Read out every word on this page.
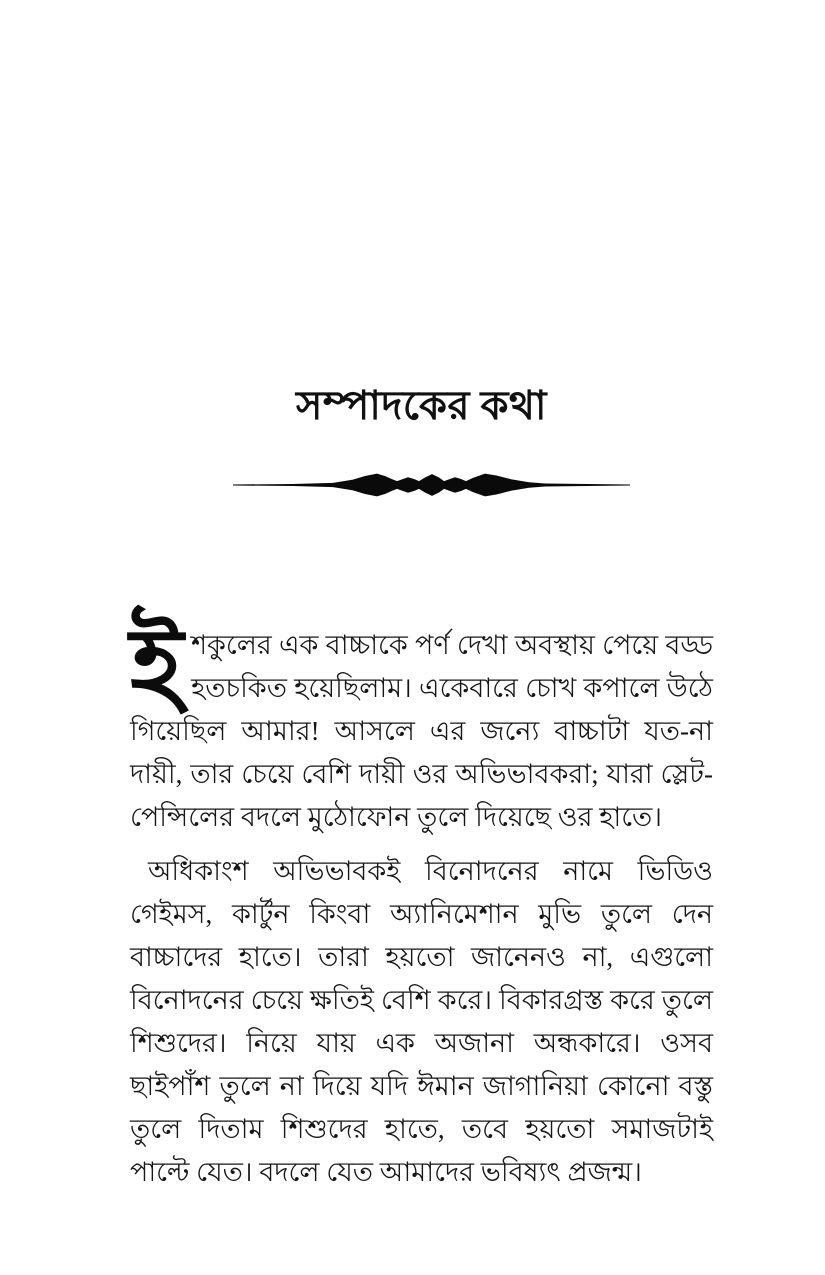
সম্পাদকের কথা

ইশকুলের এক বাচ্চাকে পর্ণ দেখা অবস্থায় পেয়ে বড্ড হতচকিত হয়েছিলাম। একেবারে চোখ কপালে উঠে গিয়েছিল আমার! আসলে এর জন্যে বাচ্চাটা যত-না দায়ী, তার চেয়ে বেশি দায়ী ওর অভিভাবকরা; যারা স্লেট-পেন্সিলের বদলে মুঠোফোন তুলে দিয়েছে ওর হাতে।

অধিকাংশ অভিভাবকই বিনোদনের নামে ভিডিও গেইমস, কার্টুন কিংবা অ্যানিমেশান মুভি তুলে দেন বাচ্চাদের হাতে। তারা হয়তো জানেনও না, এগুলো বিনোদনের চেয়ে ক্ষতিই বেশি করে। বিকারগ্রস্ত করে তুলে শিশুদের। নিয়ে যায় এক অজানা অন্ধকারে। ওসব ছাইপাঁশ তুলে না দিয়ে যদি ঈমান জাগানিয়া কোনো বস্তু তুলে দিতাম শিশুদের হাতে, তবে হয়তো সমাজটাই পাল্টে যেত। বদলে যেত আমাদের ভবিষ্যৎ প্রজন্ম।
